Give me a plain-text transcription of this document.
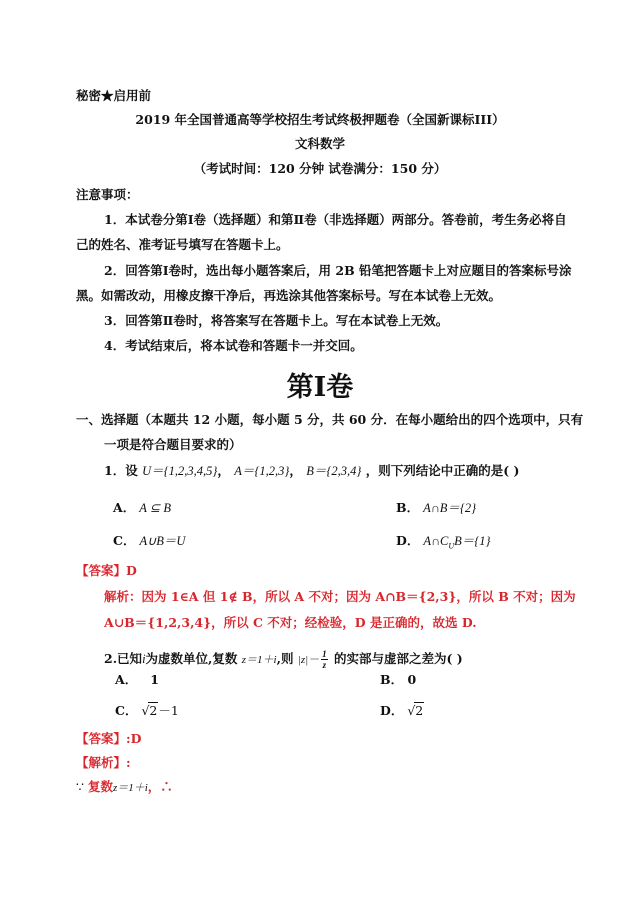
秘密★启用前
2019 年全国普通高等学校招生考试终极押题卷（全国新课标III）
文科数学
（考试时间：120 分钟 试卷满分：150 分）
注意事项：
1．本试卷分第Ⅰ卷（选择题）和第Ⅱ卷（非选择题）两部分。答卷前，考生务必将自
己的姓名、准考证号填写在答题卡上。
2．回答第Ⅰ卷时，选出每小题答案后，用 2B 铅笔把答题卡上对应题目的答案标号涂
黑。如需改动，用橡皮擦干净后，再选涂其他答案标号。写在本试卷上无效。
3．回答第Ⅱ卷时，将答案写在答题卡上。写在本试卷上无效。
4．考试结束后，将本试卷和答题卡一并交回。
第Ⅰ卷
一、选择题（本题共 12 小题，每小题 5 分，共 60 分．在每小题给出的四个选项中，只有
一项是符合题目要求的）
1．设 U＝{1,2,3,4,5}， A＝{1,2,3}， B＝{2,3,4} ，则下列结论中正确的是( )
A． A ⊆ B	B． A∩B＝{2}
C． A∪B＝U	D． $A\cap C_UB=\{1\}$
【答案】D
解析：因为 1∈A 但 1∉ B，所以 A 不对；因为 A∩B＝{2,3}，所以 B 不对；因为
A∪B＝{1,2,3,4}，所以 C 不对；经检验，D 是正确的，故选 D.
2.已知i为虚数单位,复数 z＝1＋i,则 $|z|- \frac{1}{z}$ 的实部与虚部之差为( )
A． 1	B． 0
C． √2－1	D． √2
【答案】:D
【解析】:
∵ 复数z＝1＋i，∴
